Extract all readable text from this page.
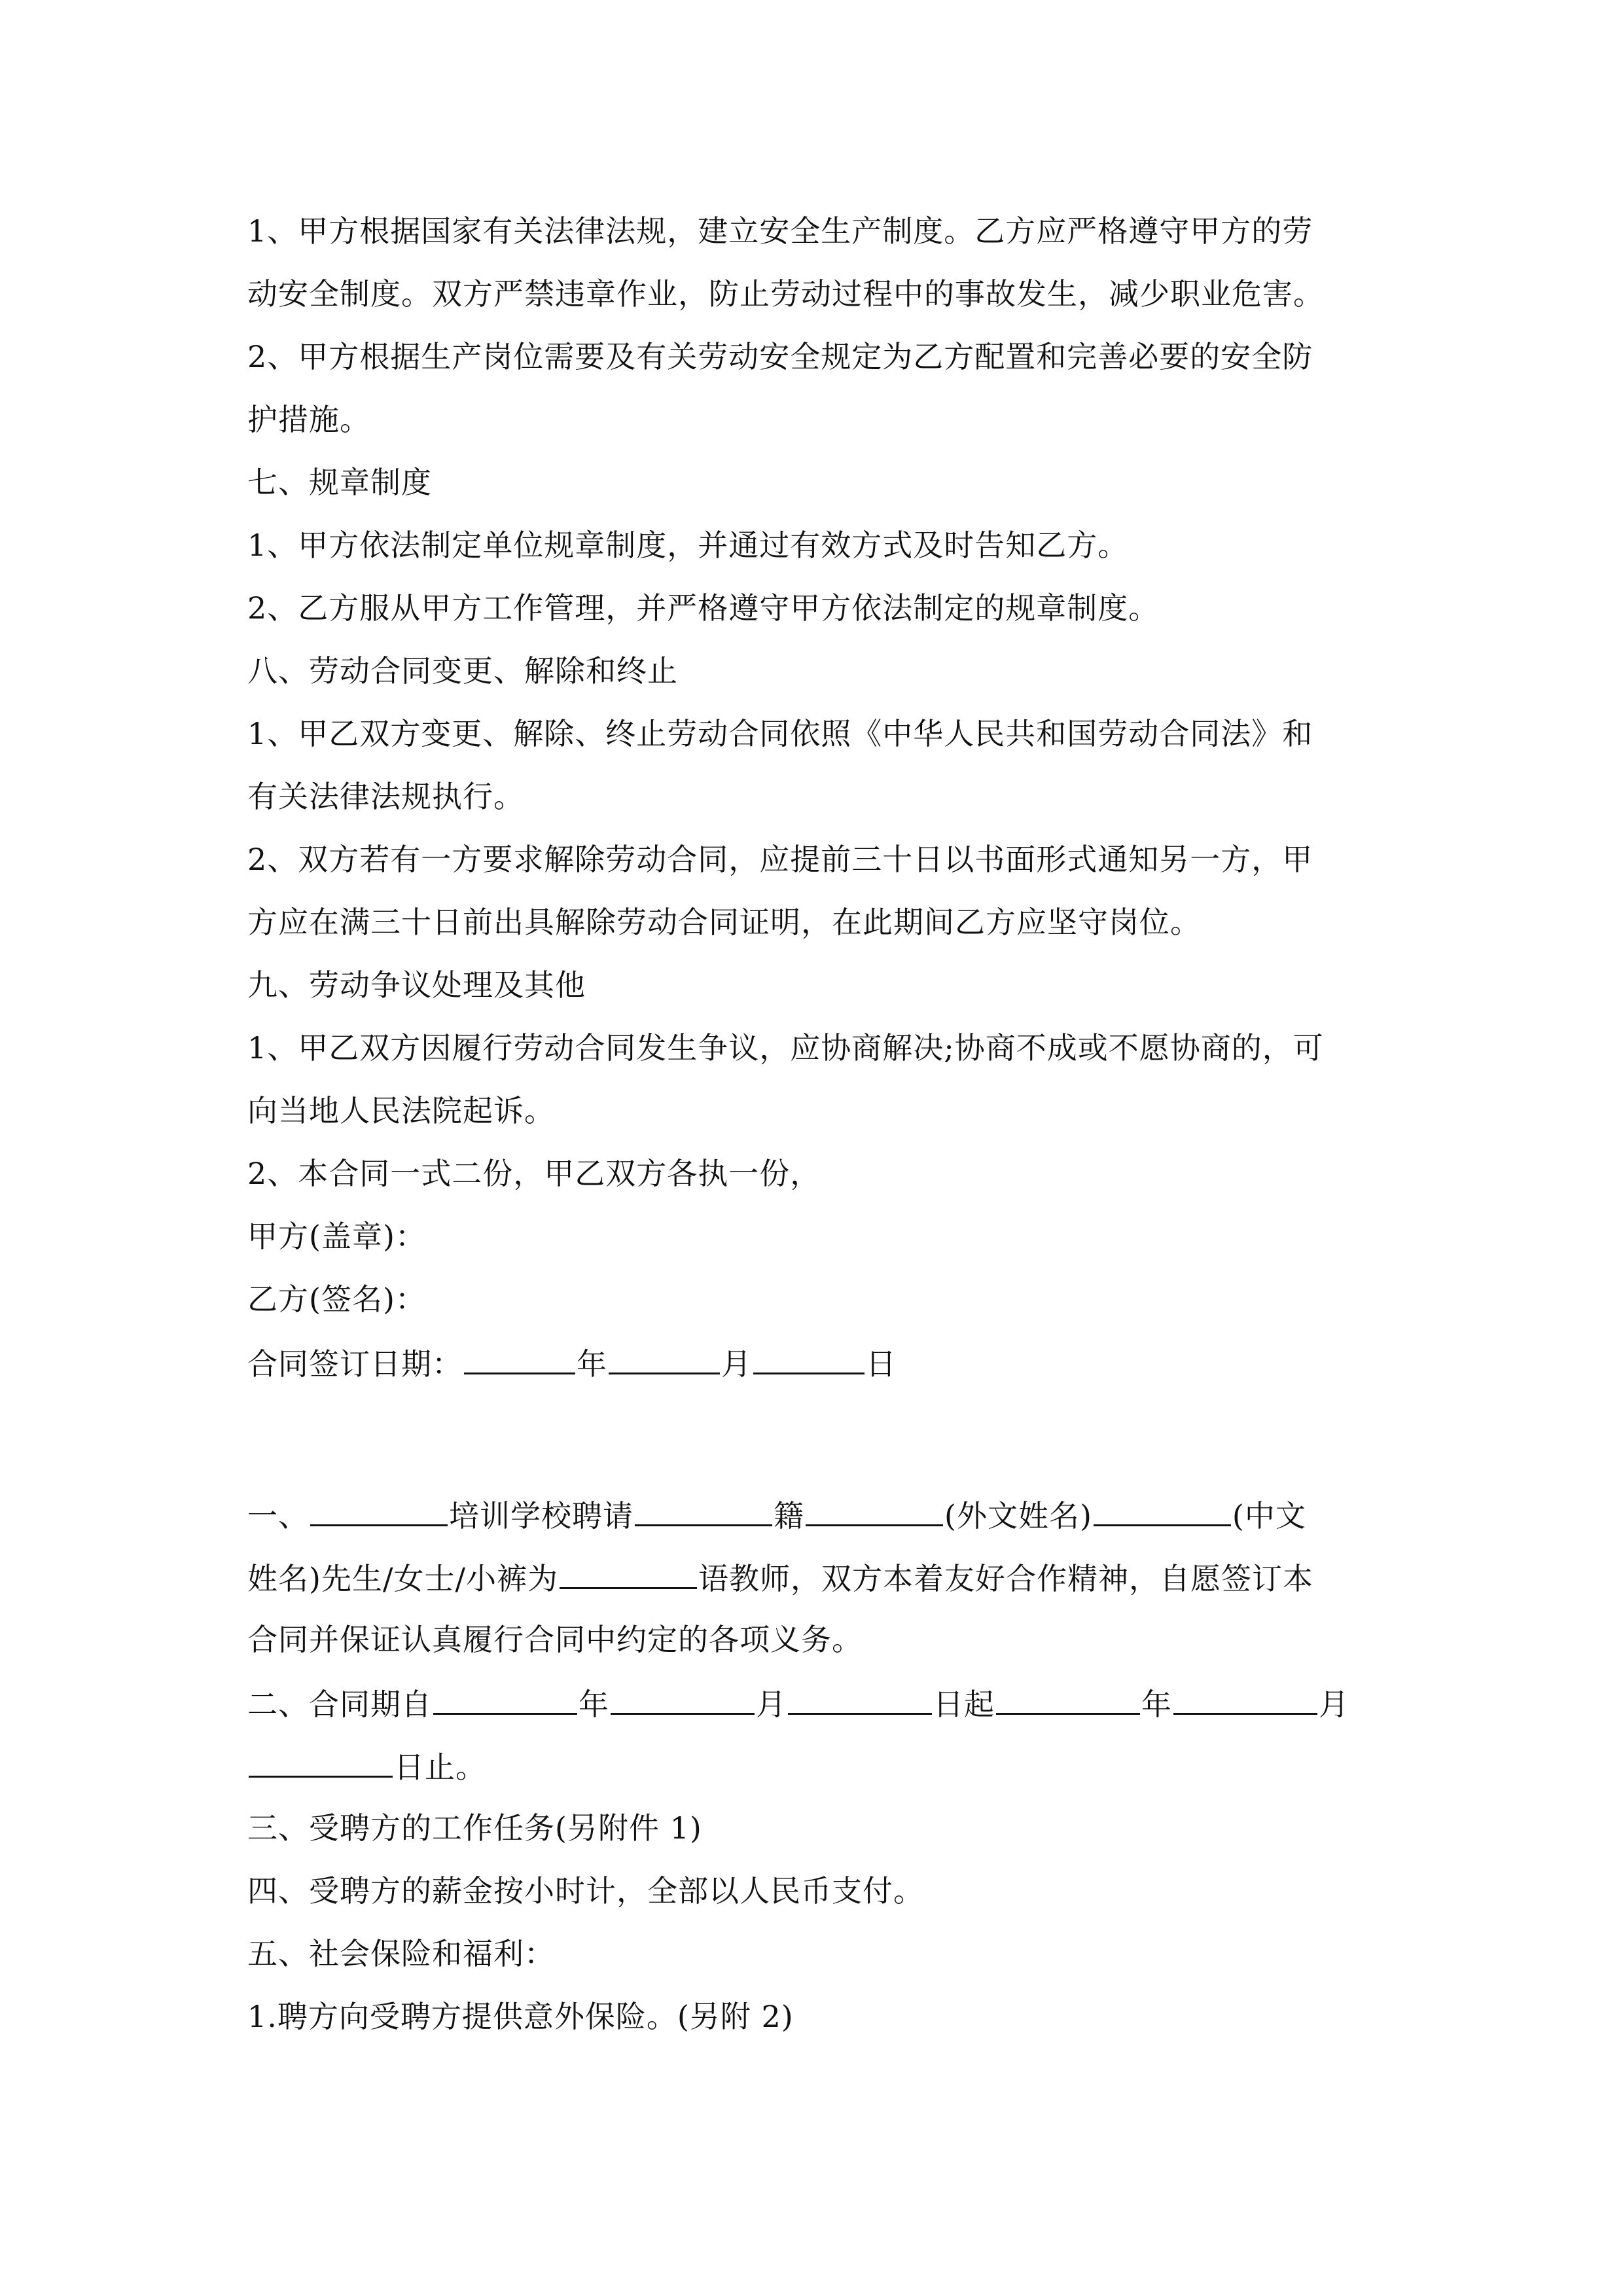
1、甲方根据国家有关法律法规，建立安全生产制度。乙方应严格遵守甲方的劳
动安全制度。双方严禁违章作业，防止劳动过程中的事故发生，减少职业危害。
2、甲方根据生产岗位需要及有关劳动安全规定为乙方配置和完善必要的安全防
护措施。
七、规章制度
1、甲方依法制定单位规章制度，并通过有效方式及时告知乙方。
2、乙方服从甲方工作管理，并严格遵守甲方依法制定的规章制度。
八、劳动合同变更、解除和终止
1、甲乙双方变更、解除、终止劳动合同依照《中华人民共和国劳动合同法》和
有关法律法规执行。
2、双方若有一方要求解除劳动合同，应提前三十日以书面形式通知另一方，甲
方应在满三十日前出具解除劳动合同证明，在此期间乙方应坚守岗位。
九、劳动争议处理及其他
1、甲乙双方因履行劳动合同发生争议，应协商解决;协商不成或不愿协商的，可
向当地人民法院起诉。
2、本合同一式二份，甲乙双方各执一份，
甲方(盖章)：
乙方(签名)：
合同签订日期：	年	月	日
一、	培训学校聘请	籍	(外文姓名)	(中文
姓名)先生/女士/小裤为	语教师，双方本着友好合作精神，自愿签订本
合同并保证认真履行合同中约定的各项义务。
二、合同期自	年	月	日起	年	月
日止。
三、受聘方的工作任务(另附件 1)
四、受聘方的薪金按小时计，全部以人民币支付。
五、社会保险和福利：
1.聘方向受聘方提供意外保险。(另附 2)
